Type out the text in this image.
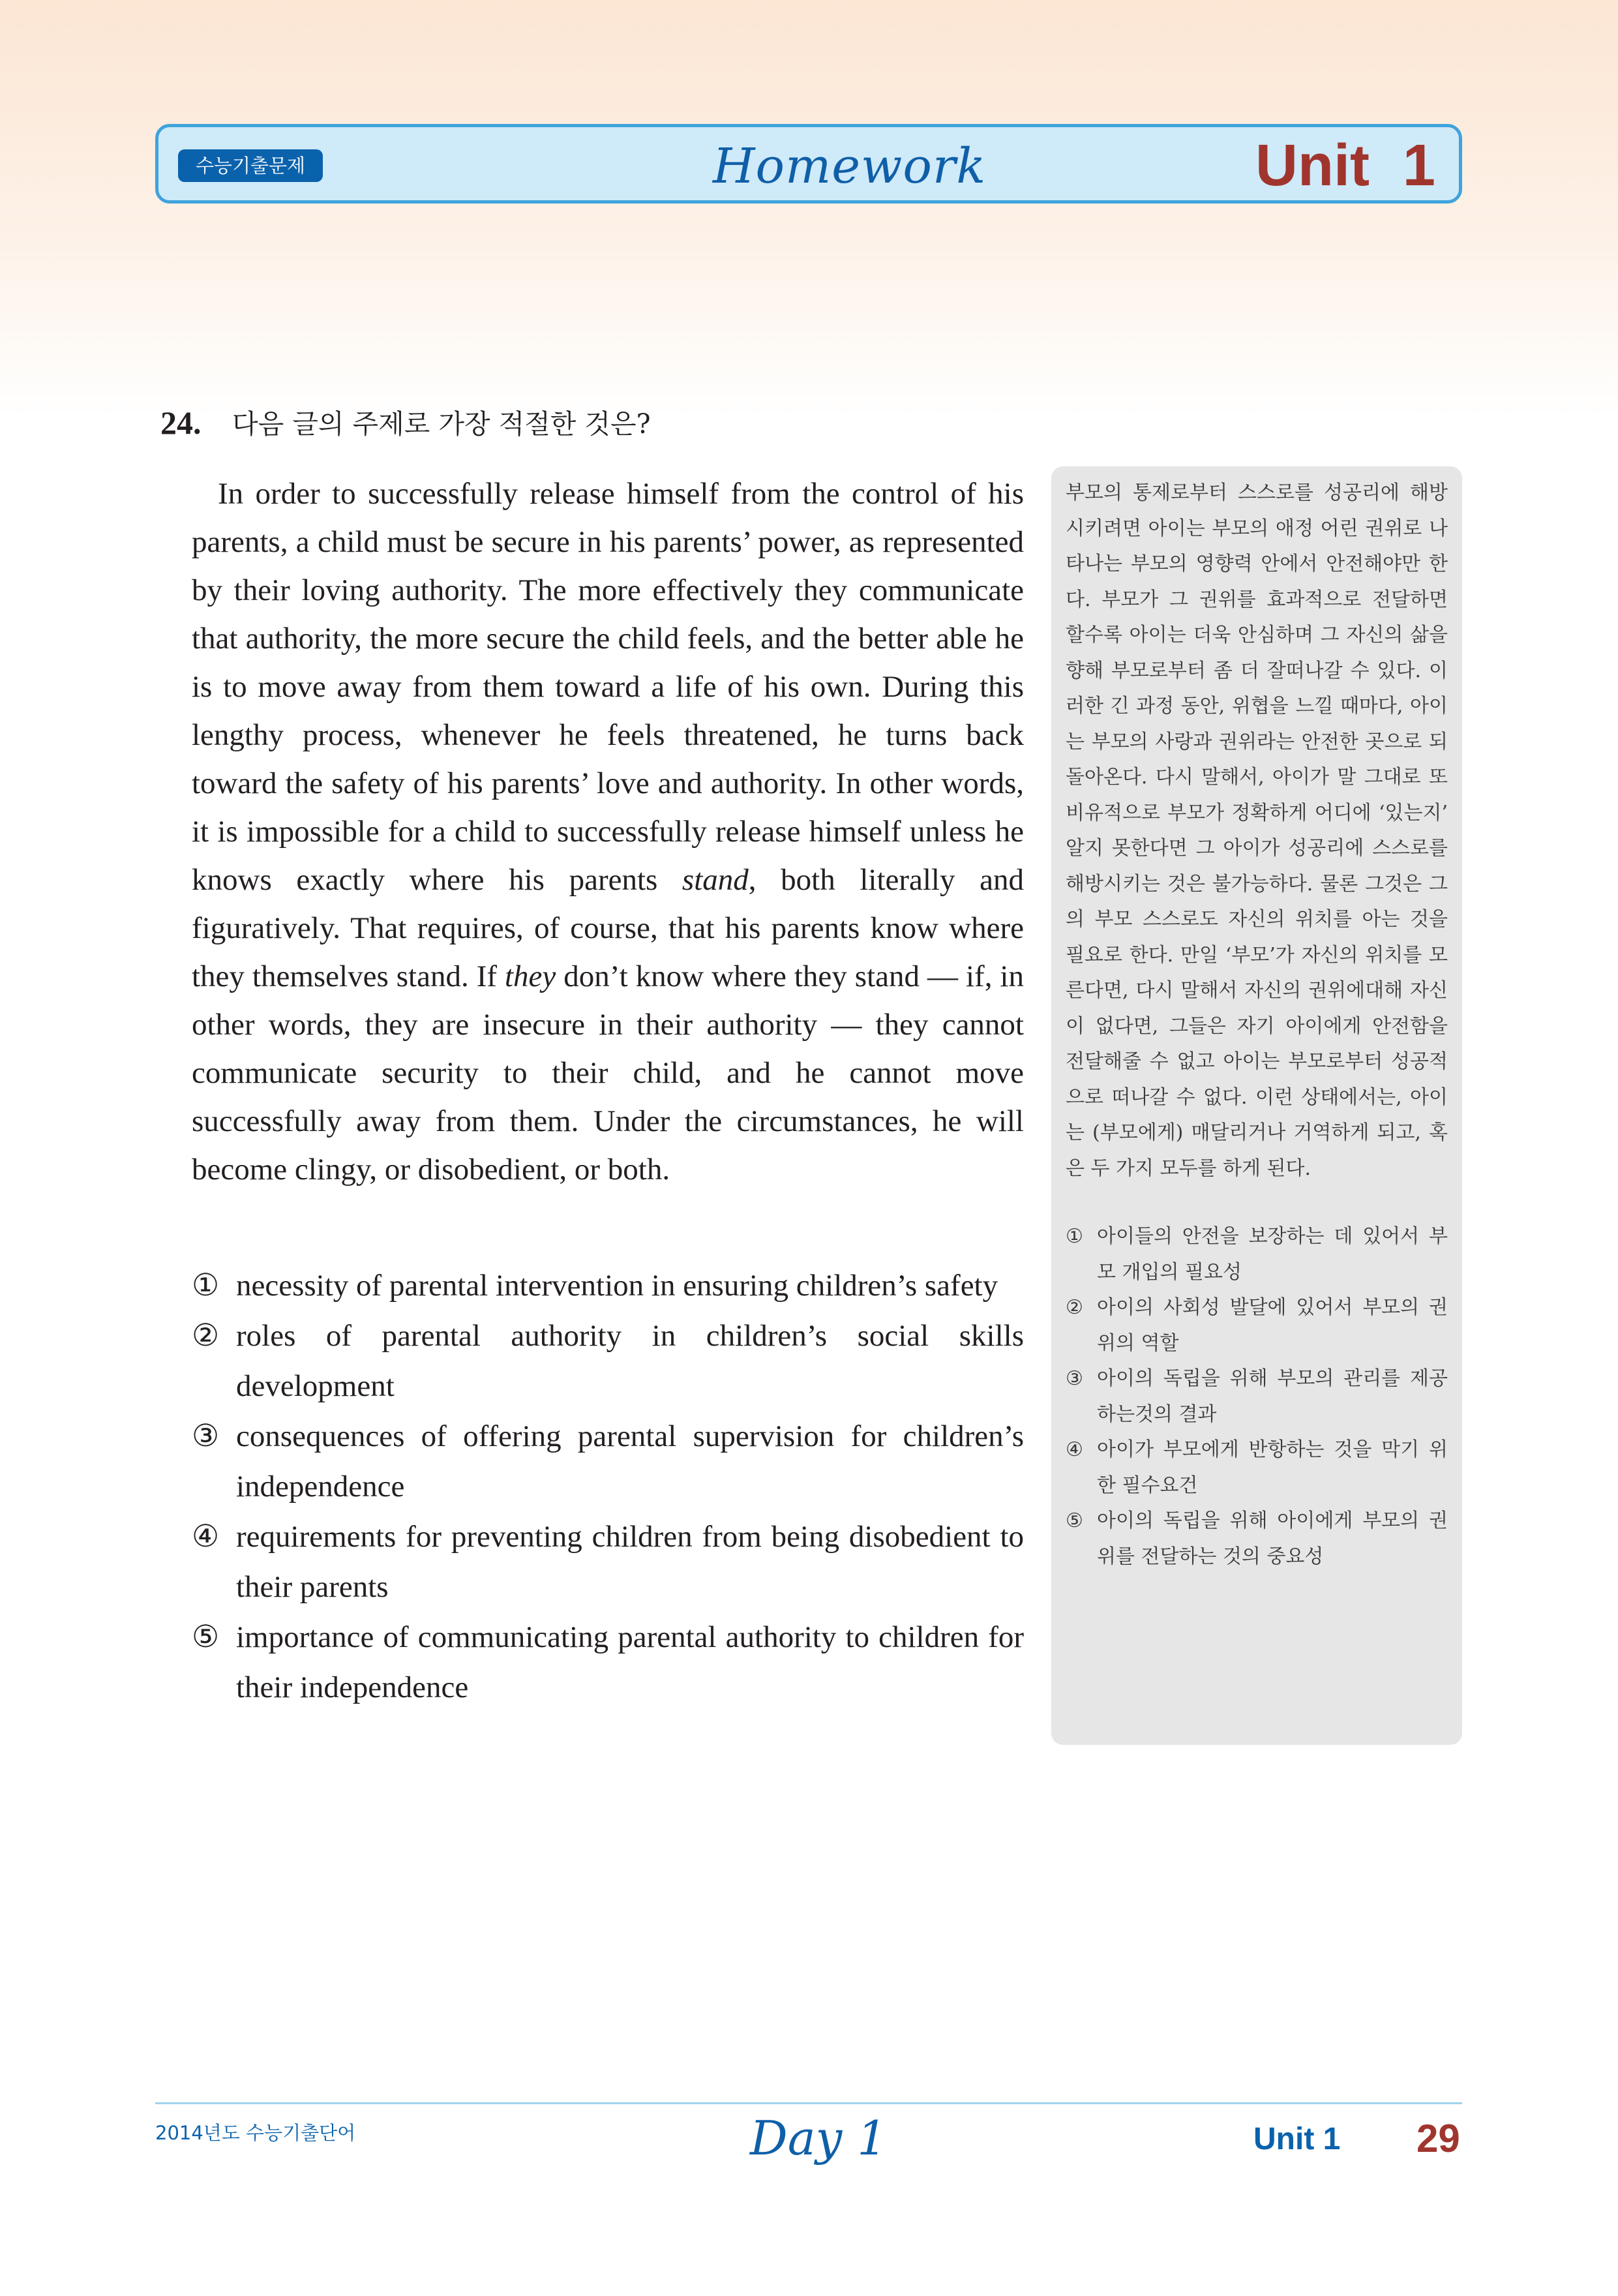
수능기출문제	Homework	Unit 1
24. 다음 글의 주제로 가장 적절한 것은?

In order to successfully release himself from the control of his parents, a child must be secure in his parents’ power, as represented by their loving authority. The more effectively they communicate that authority, the more secure the child feels, and the better able he is to move away from them toward a life of his own. During this lengthy process, whenever he feels threatened, he turns back toward the safety of his parents’ love and authority. In other words, it is impossible for a child to successfully release himself unless he knows exactly where his parents stand, both literally and figuratively. That requires, of course, that his parents know where they themselves stand. If they don’t know where they stand — if, in other words, they are insecure in their authority — they cannot communicate security to their child, and he cannot move successfully away from them. Under the circumstances, he will become clingy, or disobedient, or both.

① necessity of parental intervention in ensuring children’s safety
② roles of parental authority in children’s social skills development
③ consequences of offering parental supervision for children’s independence
④ requirements for preventing children from being disobedient to their parents
⑤ importance of communicating parental authority to children for their independence

부모의 통제로부터 스스로를 성공리에 해방시키려면 아이는 부모의 애정 어린 권위로 나타나는 부모의 영향력 안에서 안전해야만 한다. 부모가 그 권위를 효과적으로 전달하면 할수록 아이는 더욱 안심하며 그 자신의 삶을 향해 부모로부터 좀 더 잘떠나갈 수 있다. 이러한 긴 과정 동안, 위협을 느낄 때마다, 아이는 부모의 사랑과 권위라는 안전한 곳으로 되돌아온다. 다시 말해서, 아이가 말 그대로 또 비유적으로 부모가 정확하게 어디에 ‘있는지’ 알지 못한다면 그 아이가 성공리에 스스로를 해방시키는 것은 불가능하다. 물론 그것은 그의 부모 스스로도 자신의 위치를 아는 것을 필요로 한다. 만일 ‘부모’가 자신의 위치를 모른다면, 다시 말해서 자신의 권위에대해 자신이 없다면, 그들은 자기 아이에게 안전함을 전달해줄 수 없고 아이는 부모로부터 성공적으로 떠나갈 수 없다. 이런 상태에서는, 아이는 (부모에게) 매달리거나 거역하게 되고, 혹은 두 가지 모두를 하게 된다.

① 아이들의 안전을 보장하는 데 있어서 부모 개입의 필요성
② 아이의 사회성 발달에 있어서 부모의 권위의 역할
③ 아이의 독립을 위해 부모의 관리를 제공하는것의 결과
④ 아이가 부모에게 반항하는 것을 막기 위한 필수요건
⑤ 아이의 독립을 위해 아이에게 부모의 권위를 전달하는 것의 중요성
2014년도 수능기출단어	Day 1	Unit 1 29
